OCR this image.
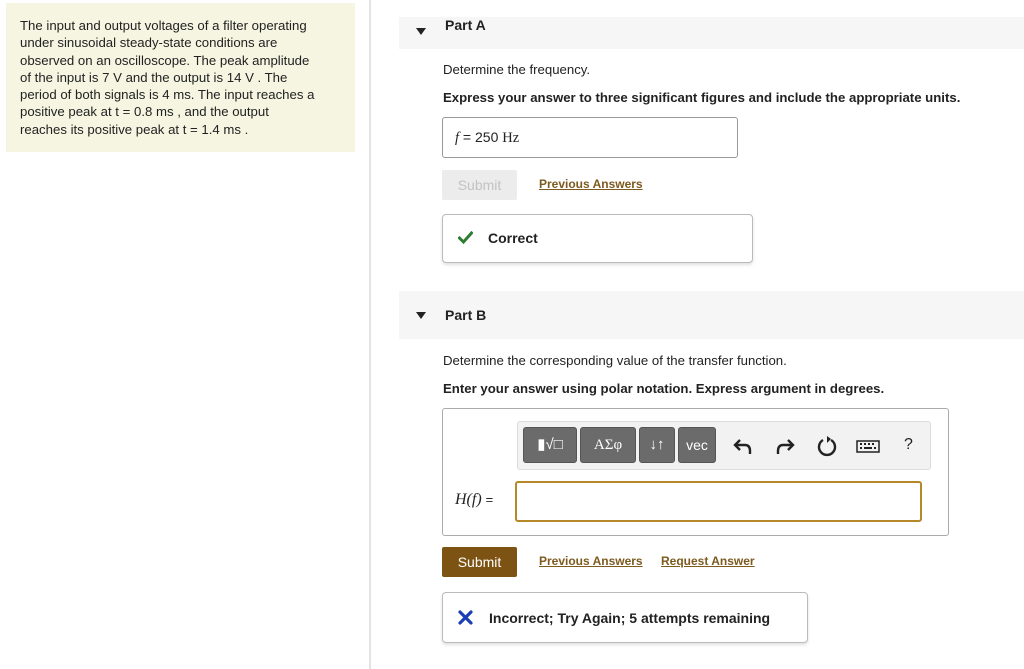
The input and output voltages of a filter operating
under sinusoidal steady-state conditions are
observed on an oscilloscope. The peak amplitude
of the input is 7 V and the output is 14 V . The
period of both signals is 4 ms. The input reaches a
positive peak at t = 0.8 ms , and the output
reaches its positive peak at t = 1.4 ms .
Part A
Determine the frequency.
Express your answer to three significant figures and include the appropriate units.
f = 250 Hz
Submit	Previous Answers
Correct
Part B
Determine the corresponding value of the transfer function.
Enter your answer using polar notation. Express argument in degrees.
▮√□	ΑΣφ	↓↑	vec	?
H(f) =
Submit	Previous Answers Request Answer
Incorrect; Try Again; 5 attempts remaining
